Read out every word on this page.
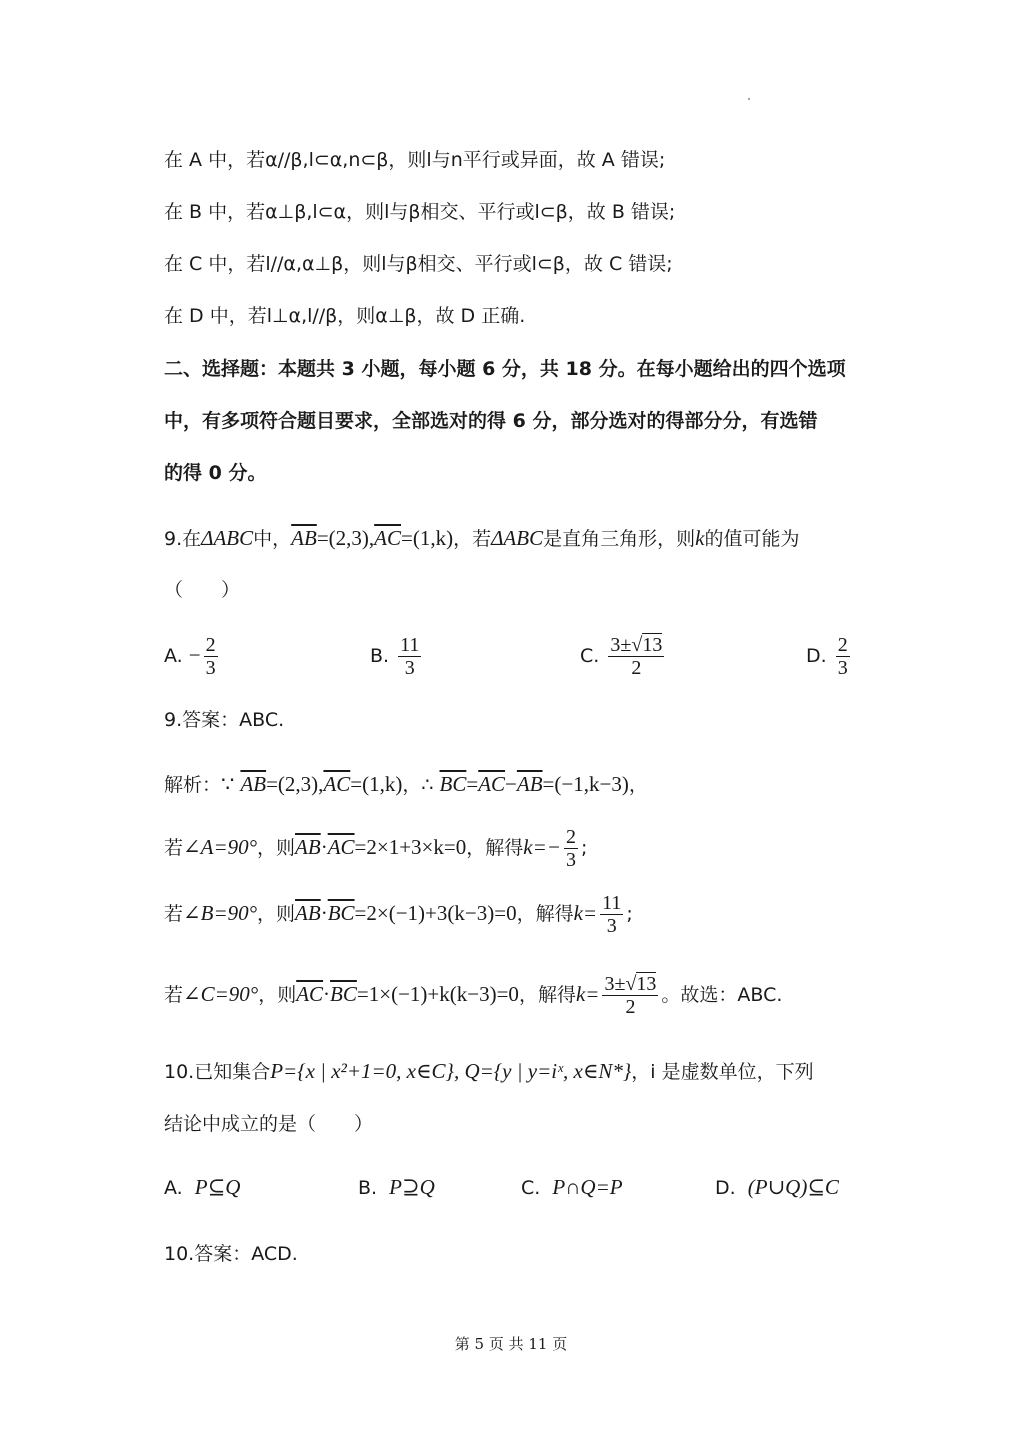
在 A 中，若α//β,l⊂α,n⊂β，则l与n平行或异面，故 A 错误;
在 B 中，若α⊥β,l⊂α，则l与β相交、平行或l⊂β，故 B 错误;
在 C 中，若l//α,α⊥β，则l与β相交、平行或l⊂β，故 C 错误;
在 D 中，若l⊥α,l//β，则α⊥β，故 D 正确.
二、选择题：本题共 3 小题，每小题 6 分，共 18 分。在每小题给出的四个选项
中，有多项符合题目要求，全部选对的得 6 分，部分选对的得部分分，有选错
的得 0 分。
9.在ΔABC中，$\overline{AB}=(2,3),\overline{AC}=(1,k)$，若ΔABC是直角三角形，则k的值可能为
（　　）
A. − $\frac{2}{3}$	B. $\frac{11}{3}$	C. $\frac{3\pm√13}{2}$	D. $\frac{2}{3}$
9.答案：ABC.
解析：∵ $\overline{AB}=(2,3),\overline{AC}=(1,k)$，∴ $\overline{BC}=\overline{AC}-\overline{AB}=(-1,k-3)$，
若∠A=90°，则$\overline{AB}\cdot\overline{AC}=2\times 1+3\times k=0$，解得$k=- \frac{2}{3}$ ;
若∠B=90°，则$\overline{AB}\cdot\overline{BC}=2\times(-1)+3(k-3)=0$，解得$k= \frac{11}{3}$ ;
若∠C=90°，则$\overline{AC}\cdot\overline{BC}=1\times(-1)+k(k-3)=0$，解得$k= \frac{3\pm√13}{2}$ 。故选：ABC.
10.已知集合P={x | x²+1=0, x∈C}, Q={y | y=iˣ, x∈N*}，i 是虚数单位，下列
结论中成立的是（　　）
A. P⊆Q	B. P⊇Q	C. P∩Q=P	D. (P∪Q)⊆C
10.答案：ACD.
第 5 页 共 11 页
